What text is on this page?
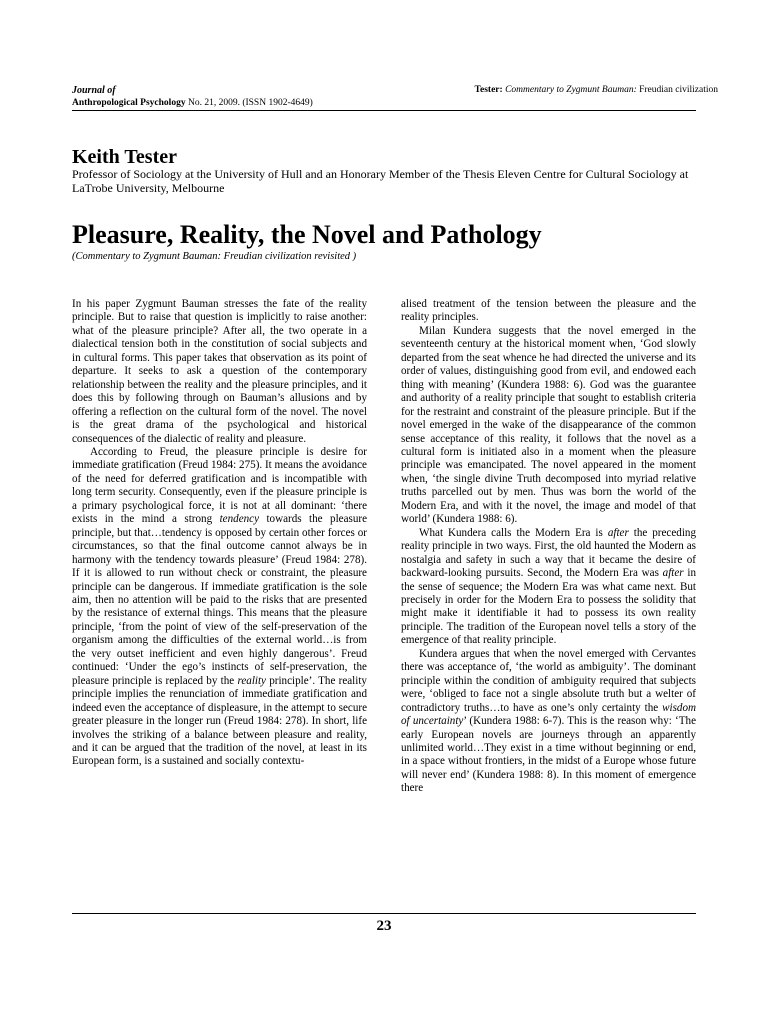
Journal of
Anthropological Psychology No. 21, 2009. (ISSN 1902-4649)
Tester: Commentary to Zygmunt Bauman: Freudian civilization
Keith Tester
Professor of Sociology at the University of Hull and an Honorary Member of the Thesis Eleven Centre for Cultural Sociology at LaTrobe University, Melbourne
Pleasure, Reality, the Novel and Pathology
(Commentary to Zygmunt Bauman: Freudian civilization revisited )

In his paper Zygmunt Bauman stresses the fate of the reality principle. But to raise that question is implicitly to raise another: what of the pleasure principle? After all, the two operate in a dialectical tension both in the constitution of social subjects and in cultural forms. This paper takes that observation as its point of departure. It seeks to ask a question of the contemporary relationship between the reality and the pleasure principles, and it does this by following through on Bauman’s allusions and by offering a reflection on the cultural form of the novel. The novel is the great drama of the psychological and historical consequences of the dialectic of reality and pleasure.

According to Freud, the pleasure principle is desire for immediate gratification (Freud 1984: 275). It means the avoidance of the need for deferred gratification and is incompatible with long term security. Consequently, even if the pleasure principle is a primary psychological force, it is not at all dominant: ‘there exists in the mind a strong tendency towards the pleasure principle, but that…tendency is opposed by certain other forces or circumstances, so that the final outcome cannot always be in harmony with the tendency towards pleasure’ (Freud 1984: 278). If it is allowed to run without check or constraint, the pleasure principle can be dangerous. If immediate gratification is the sole aim, then no attention will be paid to the risks that are presented by the resistance of external things. This means that the pleasure principle, ‘from the point of view of the self-preservation of the organism among the difficulties of the external world…is from the very outset inefficient and even highly dangerous’. Freud continued: ‘Under the ego’s instincts of self-preservation, the pleasure principle is replaced by the reality principle’. The reality principle implies the renunciation of immediate gratification and indeed even the acceptance of displeasure, in the attempt to secure greater pleasure in the longer run (Freud 1984: 278). In short, life involves the striking of a balance between pleasure and reality, and it can be argued that the tradition of the novel, at least in its European form, is a sustained and socially contextu-

alised treatment of the tension between the pleasure and the reality principles.

Milan Kundera suggests that the novel emerged in the seventeenth century at the historical moment when, ‘God slowly departed from the seat whence he had directed the universe and its order of values, distinguishing good from evil, and endowed each thing with meaning’ (Kundera 1988: 6). God was the guarantee and authority of a reality principle that sought to establish criteria for the restraint and constraint of the pleasure principle. But if the novel emerged in the wake of the disappearance of the common sense acceptance of this reality, it follows that the novel as a cultural form is initiated also in a moment when the pleasure principle was emancipated. The novel appeared in the moment when, ‘the single divine Truth decomposed into myriad relative truths parcelled out by men. Thus was born the world of the Modern Era, and with it the novel, the image and model of that world’ (Kundera 1988: 6).

What Kundera calls the Modern Era is after the preceding reality principle in two ways. First, the old haunted the Modern as nostalgia and safety in such a way that it became the desire of backward-looking pursuits. Second, the Modern Era was after in the sense of sequence; the Modern Era was what came next. But precisely in order for the Modern Era to possess the solidity that might make it identifiable it had to possess its own reality principle. The tradition of the European novel tells a story of the emergence of that reality principle.

Kundera argues that when the novel emerged with Cervantes there was acceptance of, ‘the world as ambiguity’. The dominant principle within the condition of ambiguity required that subjects were, ‘obliged to face not a single absolute truth but a welter of contradictory truths…to have as one’s only certainty the wisdom of uncertainty’ (Kundera 1988: 6-7). This is the reason why: ‘The early European novels are journeys through an apparently unlimited world…They exist in a time without beginning or end, in a space without frontiers, in the midst of a Europe whose future will never end’ (Kundera 1988: 8). In this moment of emergence there

23
